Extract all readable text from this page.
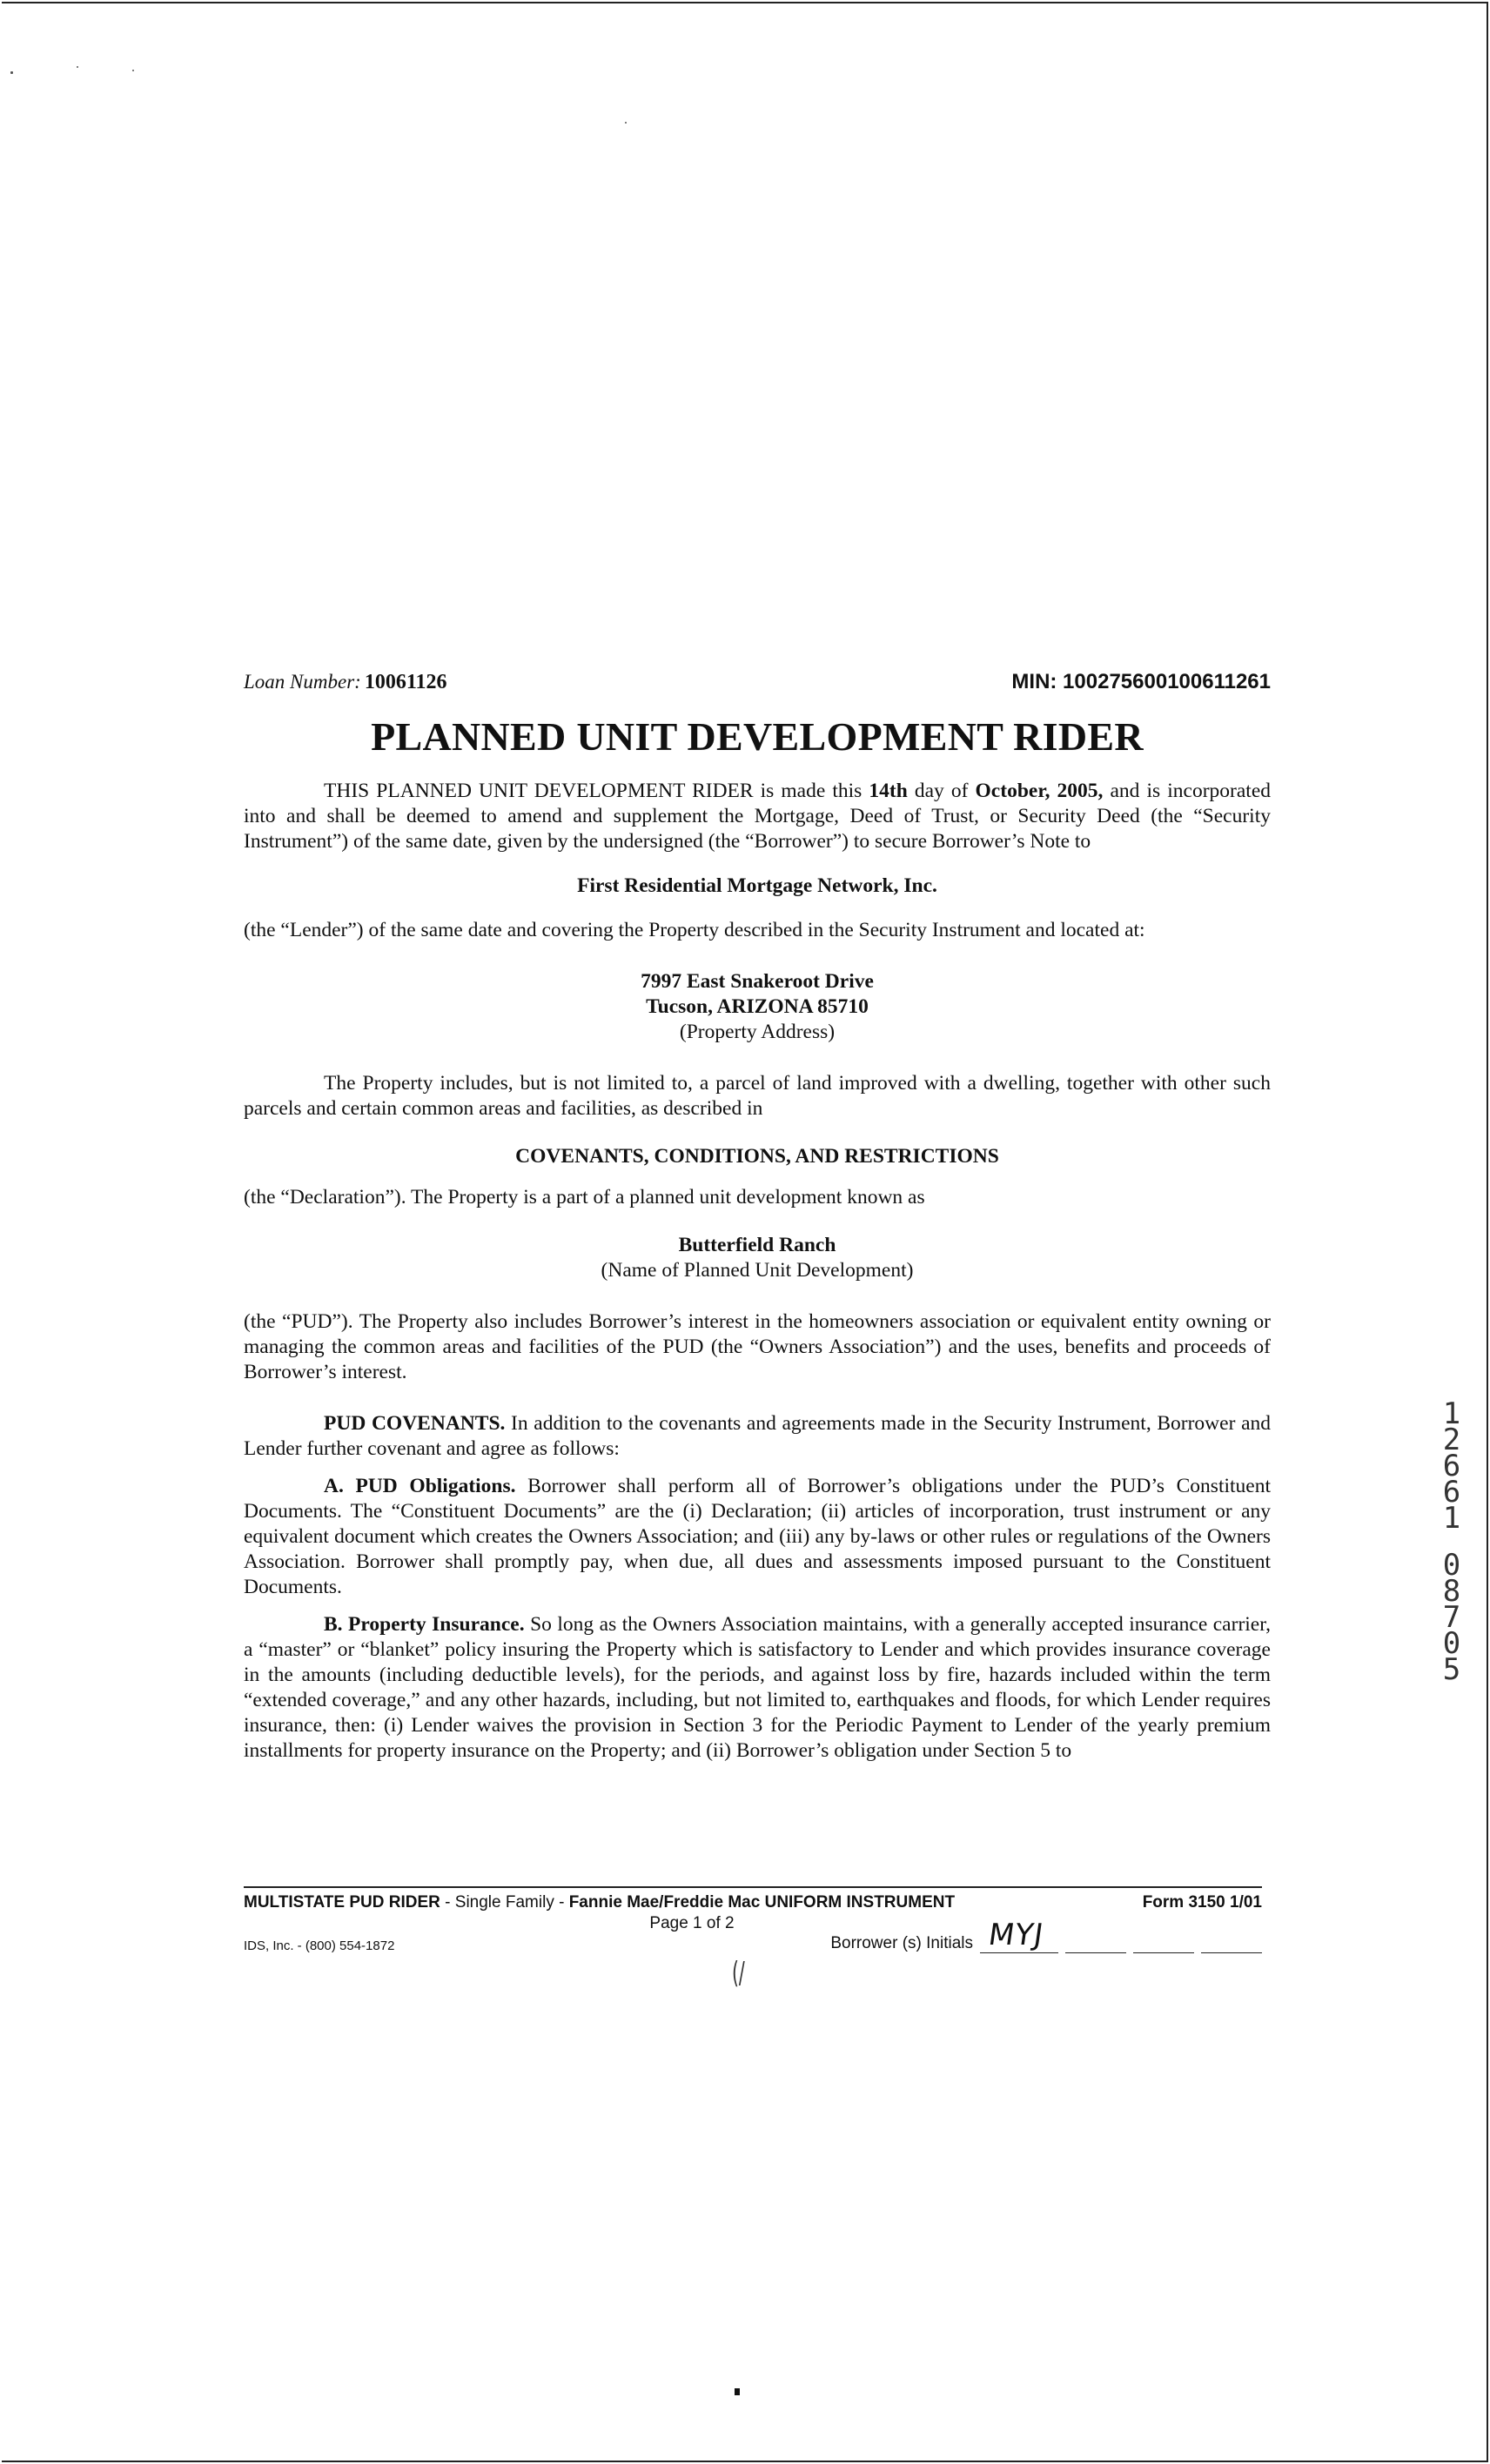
Loan Number: 10061126	MIN: 100275600100611261
PLANNED UNIT DEVELOPMENT RIDER

THIS PLANNED UNIT DEVELOPMENT RIDER is made this 14th day of October, 2005, and is incorporated into and shall be deemed to amend and supplement the Mortgage, Deed of Trust, or Security Deed (the “Security Instrument”) of the same date, given by the undersigned (the “Borrower”) to secure Borrower’s Note to

First Residential Mortgage Network, Inc.

(the “Lender”) of the same date and covering the Property described in the Security Instrument and located at:

7997 East Snakeroot Drive

Tucson, ARIZONA 85710

(Property Address)

The Property includes, but is not limited to, a parcel of land improved with a dwelling, together with other such parcels and certain common areas and facilities, as described in

COVENANTS, CONDITIONS, AND RESTRICTIONS

(the “Declaration”). The Property is a part of a planned unit development known as

Butterfield Ranch

(Name of Planned Unit Development)

(the “PUD”). The Property also includes Borrower’s interest in the homeowners association or equivalent entity owning or managing the common areas and facilities of the PUD (the “Owners Association”) and the uses, benefits and proceeds of Borrower’s interest.

PUD COVENANTS. In addition to the covenants and agreements made in the Security Instrument, Borrower and Lender further covenant and agree as follows:

A. PUD Obligations. Borrower shall perform all of Borrower’s obligations under the PUD’s Constituent Documents. The “Constituent Documents” are the (i) Declaration; (ii) articles of incorporation, trust instrument or any equivalent document which creates the Owners Association; and (iii) any by-laws or other rules or regulations of the Owners Association. Borrower shall promptly pay, when due, all dues and assessments imposed pursuant to the Constituent Documents.

B. Property Insurance. So long as the Owners Association maintains, with a generally accepted insurance carrier, a “master” or “blanket” policy insuring the Property which is satisfactory to Lender and which provides insurance coverage in the amounts (including deductible levels), for the periods, and against loss by fire, hazards included within the term “extended coverage,” and any other hazards, including, but not limited to, earthquakes and floods, for which Lender requires insurance, then: (i) Lender waives the provision in Section 3 for the Periodic Payment to Lender of the yearly premium installments for property insurance on the Property; and (ii) Borrower’s obligation under Section 5 to

MULTISTATE PUD RIDER - Single Family - Fannie Mae/Freddie Mac UNIFORM INSTRUMENT	Form 3150 1/01
Page 1 of 2
IDS, Inc. - (800) 554-1872	Borrower (s) Initials MYJ
(/
1
2
6
6
1
0
8
7
0
5
